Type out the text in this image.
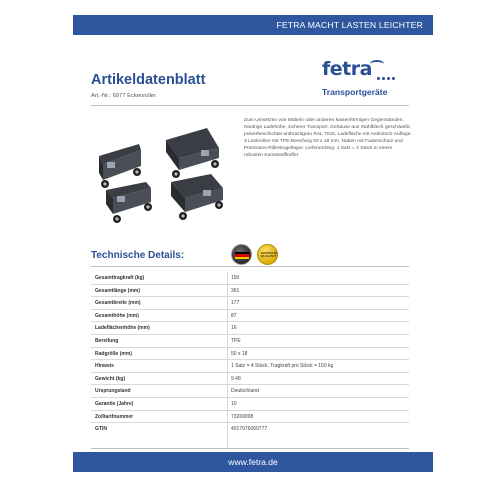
FETRA MACHT LASTEN LEICHTER
Artikeldatenblatt
Art.-Nr.: 6977 Eckenroller
fetra
Transportgeräte
Zum Umsetzen von Möbeln oder anderen kastenförmigen Gegenständen. Niedrige Ladehöhe, sicherer Transport. Gehäuse aus Stahlblech geschweißt, pulverbeschichtet anthrazitgrau RAL 7016, Ladefläche mit Antirutsch-Auflage. 3 Lenkrollen mit TPE-Bereifung 50 x 18 mm, Naben mit Fadenschutz und Präzisions-Rillenkugellager. Lieferumfang: 1 Satz = 4 Stück in einem robusten Kunststoffkoffer.
Technische Details:	GEPRÜFTE QUALITÄT
Gesamttragkraft (kg)	150
Gesamtlänge (mm)	361
Gesamtbreite (mm)	177
Gesamthöhe (mm)	87
Ladeflächenhöhe (mm)	16
Bereifung	TPE
Radgröße (mm)	50 x 18
Hinweis	1 Satz = 4 Stück, Tragkraft pro Stück = 150 kg
Gewicht (kg)	9.48
Ursprungsland	Deutschland
Garantie (Jahre)	10
Zolltarifnummer	73269098
GTIN	4017976069777
www.fetra.de
